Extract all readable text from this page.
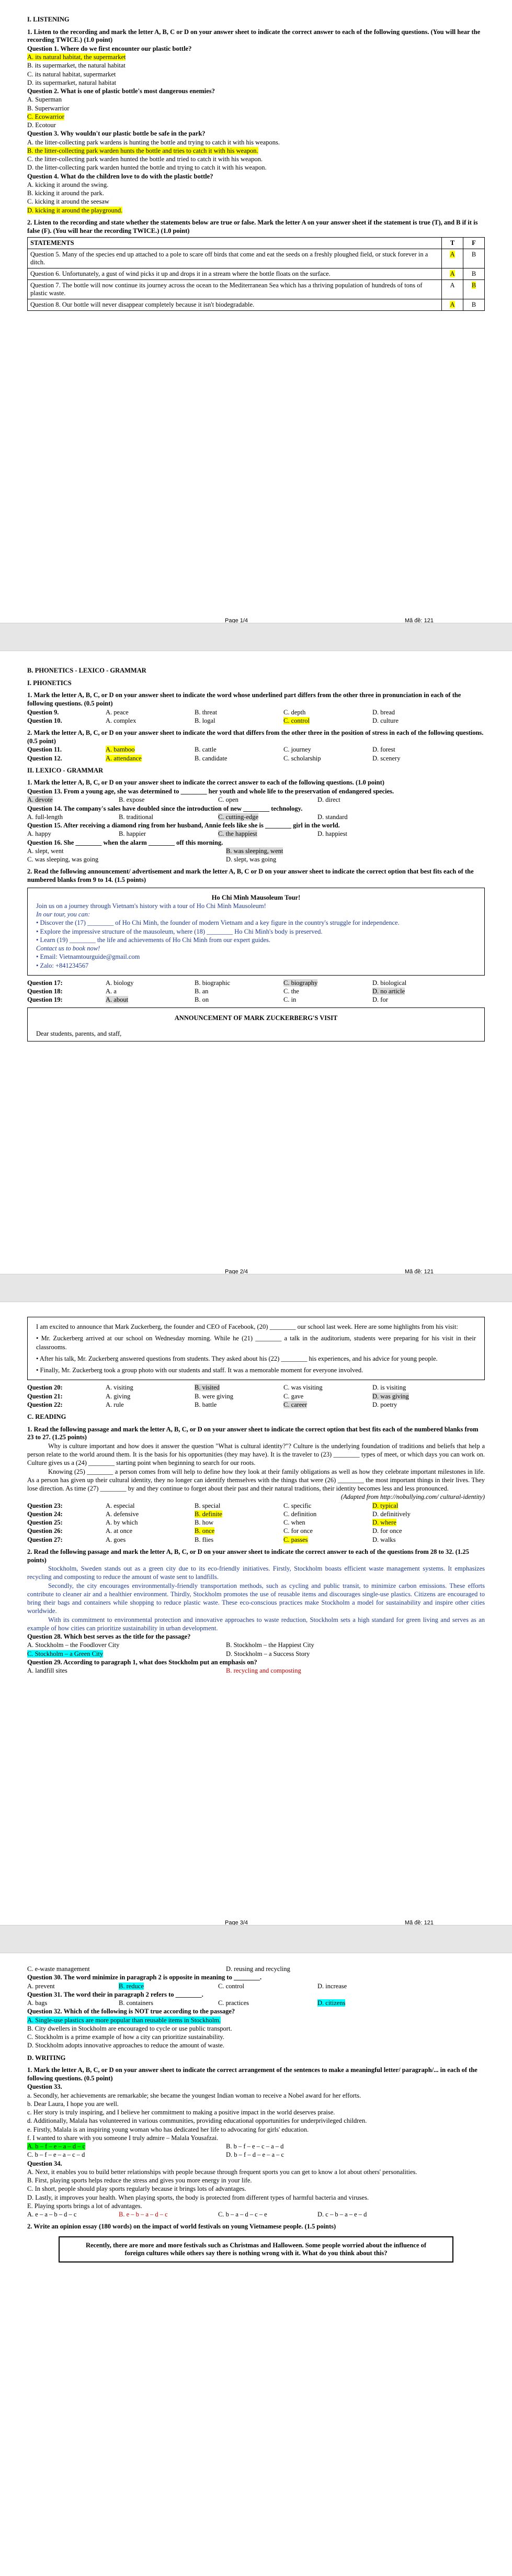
I. LISTENING
1. Listen to the recording and mark the letter A, B, C or D on your answer sheet to indicate the correct answer to each of the following questions. (You will hear the recording TWICE.) (1.0 point)
Question 1. Where do we first encounter our plastic bottle?
A. its natural habitat, the supermarket
B. its supermarket, the natural habitat
C. its natural habitat, supermarket
D. its supermarket, natural habitat
Question 2. What is one of plastic bottle's most dangerous enemies?
A. Superman
B. Superwarrior
C. Ecowarrior
D. Ecotour
Question 3. Why wouldn't our plastic bottle be safe in the park?
A. the litter-collecting park wardens is hunting the bottle and trying to catch it with his weapons.
B. the litter-collecting park warden hunts the bottle and tries to catch it with his weapon.
C. the litter-collecting park warden hunted the bottle and tried to catch it with his weapon.
D. the litter-collecting park warden hunted the bottle and trying to catch it with his weapon.
Question 4. What do the children love to do with the plastic bottle?
A. kicking it around the swing.
B. kicking it around the park.
C. kicking it around the seesaw
D. kicking it around the playground.
2. Listen to the recording and state whether the statements below are true or false. Mark the letter A on your answer sheet if the statement is true (T), and B if it is false (F). (You will hear the recording TWICE.) (1.0 point)
STATEMENTS	T	F
Question 5. Many of the species end up attached to a pole to scare off birds that come and eat the seeds on a freshly ploughed field, or stuck forever in a ditch.	A	B
Question 6. Unfortunately, a gust of wind picks it up and drops it in a stream where the bottle floats on the surface.	A	B
Question 7. The bottle will now continue its journey across the ocean to the Mediterranean Sea which has a thriving population of hundreds of tons of plastic waste.	A	B
Question 8. Our bottle will never disappear completely because it isn't biodegradable.	A	B
Page 1/4	Mã đề: 121
B. PHONETICS - LEXICO - GRAMMAR
I. PHONETICS
1. Mark the letter A, B, C, or D on your answer sheet to indicate the word whose underlined part differs from the other three in pronunciation in each of the following questions. (0.5 point)
Question 9.	A. peace	B. threat	C. depth	D. bread
Question 10.	A. complex	B. logal	C. control	D. culture
2. Mark the letter A, B, C, or D on your answer sheet to indicate the word that differs from the other three in the position of stress in each of the following questions. (0.5 point)
Question 11.	A. bamboo	B. cattle	C. journey	D. forest
Question 12.	A. attendance	B. candidate	C. scholarship	D. scenery
II. LEXICO - GRAMMAR
1. Mark the letter A, B, C, or D on your answer sheet to indicate the correct answer to each of the following questions. (1.0 point)
Question 13. From a young age, she was determined to ________ her youth and whole life to the preservation of endangered species.
A. devote	B. expose	C. open	D. direct
Question 14. The company's sales have doubled since the introduction of new ________ technology.
A. full-length	B. traditional	C. cutting-edge	D. standard
Question 15. After receiving a diamond ring from her husband, Annie feels like she is ________ girl in the world.
A. happy	B. happier	C. the happiest	D. happiest
Question 16. She ________ when the alarm ________ off this morning.
A. slept, went	B. was sleeping, went
C. was sleeping, was going	D. slept, was going
2. Read the following announcement/ advertisement and mark the letter A, B, C or D on your answer sheet to indicate the correct option that best fits each of the numbered blanks from 9 to 14. (1.5 points)
Ho Chi Minh Mausoleum Tour!
Join us on a journey through Vietnam's history with a tour of Ho Chi Minh Mausoleum!
In our tour, you can:
• Discover the (17) ________ of Ho Chi Minh, the founder of modern Vietnam and a key figure in the country's struggle for independence.
• Explore the impressive structure of the mausoleum, where (18) ________ Ho Chi Minh's body is preserved.
• Learn (19) ________ the life and achievements of Ho Chi Minh from our expert guides.
Contact us to book now!
• Email: Vietnamtourguide@gmail.com
• Zalo: +841234567
Question 17:	A. biology	B. biographic	C. biography	D. biological
Question 18:	A. a	B. an	C. the	D. no article
Question 19:	A. about	B. on	C. in	D. for
ANNOUNCEMENT OF MARK ZUCKERBERG'S VISIT
Dear students, parents, and staff,
Page 2/4	Mã đề: 121
I am excited to announce that Mark Zuckerberg, the founder and CEO of Facebook, (20) ________ our school last week. Here are some highlights from his visit:
• Mr. Zuckerberg arrived at our school on Wednesday morning. While he (21) ________ a talk in the auditorium, students were preparing for his visit in their classrooms.
• After his talk, Mr. Zuckerberg answered questions from students. They asked about his (22) ________ his experiences, and his advice for young people.
• Finally, Mr. Zuckerberg took a group photo with our students and staff. It was a memorable moment for everyone involved.
Question 20:	A. visiting	B. visited	C. was visiting	D. is visiting
Question 21:	A. giving	B. were giving	C. gave	D. was giving
Question 22:	A. rule	B. battle	C. career	D. poetry
C. READING
1. Read the following passage and mark the letter A, B, C, or D on your answer sheet to indicate the correct option that best fits each of the numbered blanks from 23 to 27. (1.25 points)
Why is culture important and how does it answer the question "What is cultural identity?"? Culture is the underlying foundation of traditions and beliefs that help a person relate to the world around them. It is the basis for his opportunities (they may have). It is the traveler to (23) ________ types of meet, or which days you can work on. Culture gives us a (24) ________ starting point when beginning to search for our roots.
Knowing (25) ________ a person comes from will help to define how they look at their family obligations as well as how they celebrate important milestones in life. As a person has given up their cultural identity, they no longer can identify themselves with the things that were (26) ________ the most important things in their lives. They lose direction. As time (27) ________ by and they continue to forget about their past and their natural traditions, their identity becomes less and less pronounced.
(Adapted from http://nobullying.com/ cultural-identity)
Question 23:	A. especial	B. special	C. specific	D. typical
Question 24:	A. defensive	B. definite	C. definition	D. definitively
Question 25:	A. by which	B. how	C. when	D. where
Question 26:	A. at once	B. once	C. for once	D. for once
Question 27:	A. goes	B. flies	C. passes	D. walks
2. Read the following passage and mark the letter A, B, C, or D on your answer sheet to indicate the correct answer to each of the questions from 28 to 32. (1.25 points)
Stockholm, Sweden stands out as a green city due to its eco-friendly initiatives. Firstly, Stockholm boasts efficient waste management systems. It emphasizes recycling and composting to reduce the amount of waste sent to landfills.
Secondly, the city encourages environmentally-friendly transportation methods, such as cycling and public transit, to minimize carbon emissions. These efforts contribute to cleaner air and a healthier environment. Thirdly, Stockholm promotes the use of reusable items and discourages single-use plastics. Citizens are encouraged to bring their bags and containers while shopping to reduce plastic waste. These eco-conscious practices make Stockholm a model for sustainability and inspire other cities worldwide.
With its commitment to environmental protection and innovative approaches to waste reduction, Stockholm sets a high standard for green living and serves as an example of how cities can prioritize sustainability in urban development.
Question 28. Which best serves as the title for the passage?
A. Stockholm – the Foodlover City	B. Stockholm – the Happiest City
C. Stockholm – a Green City	D. Stockholm – a Success Story
Question 29. According to paragraph 1, what does Stockholm put an emphasis on?
A. landfill sites	B. recycling and composting
Page 3/4	Mã đề: 121
C. e-waste management	D. reusing and recycling
Question 30. The word minimize in paragraph 2 is opposite in meaning to ________.
A. prevent	B. reduce	C. control	D. increase
Question 31. The word their in paragraph 2 refers to ________.
A. bags	B. containers	C. practices	D. citizens
Question 32. Which of the following is NOT true according to the passage?
A. Single-use plastics are more popular than reusable items in Stockholm.
B. City dwellers in Stockholm are encouraged to cycle or use public transport.
C. Stockholm is a prime example of how a city can prioritize sustainability.
D. Stockholm adopts innovative approaches to reduce the amount of waste.
D. WRITING
1. Mark the letter A, B, C, or D on your answer sheet to indicate the correct arrangement of the sentences to make a meaningful letter/ paragraph/... in each of the following questions. (0.5 point)
Question 33.
a. Secondly, her achievements are remarkable; she became the youngest Indian woman to receive a Nobel award for her efforts.
b. Dear Laura, I hope you are well.
c. Her story is truly inspiring, and I believe her commitment to making a positive impact in the world deserves praise.
d. Additionally, Malala has volunteered in various communities, providing educational opportunities for underprivileged children.
e. Firstly, Malala is an inspiring young woman who has dedicated her life to advocating for girls' education.
f. I wanted to share with you someone I truly admire – Malala Yousafzai.
A. b – f – e – a – d – c	B. b – f – e – c – a – d
C. b – f – e – a – c – d	D. b – f – d – e – a – c
Question 34.
A. Next, it enables you to build better relationships with people because through frequent sports you can get to know a lot about others' personalities.
B. First, playing sports helps reduce the stress and gives you more energy in your life.
C. In short, people should play sports regularly because it brings lots of advantages.
D. Lastly, it improves your health. When playing sports, the body is protected from different types of harmful bacteria and viruses.
E. Playing sports brings a lot of advantages.
A. e – a – b – d – c	B. e – b – a – d – c	C. b – a – d – c – e	D. c – b – a – e – d
2. Write an opinion essay (180 words) on the impact of world festivals on young Vietnamese people. (1.5 points)
Recently, there are more and more festivals such as Christmas and Halloween. Some people worried about the influence of foreign cultures while others say there is nothing wrong with it. What do you think about this?
